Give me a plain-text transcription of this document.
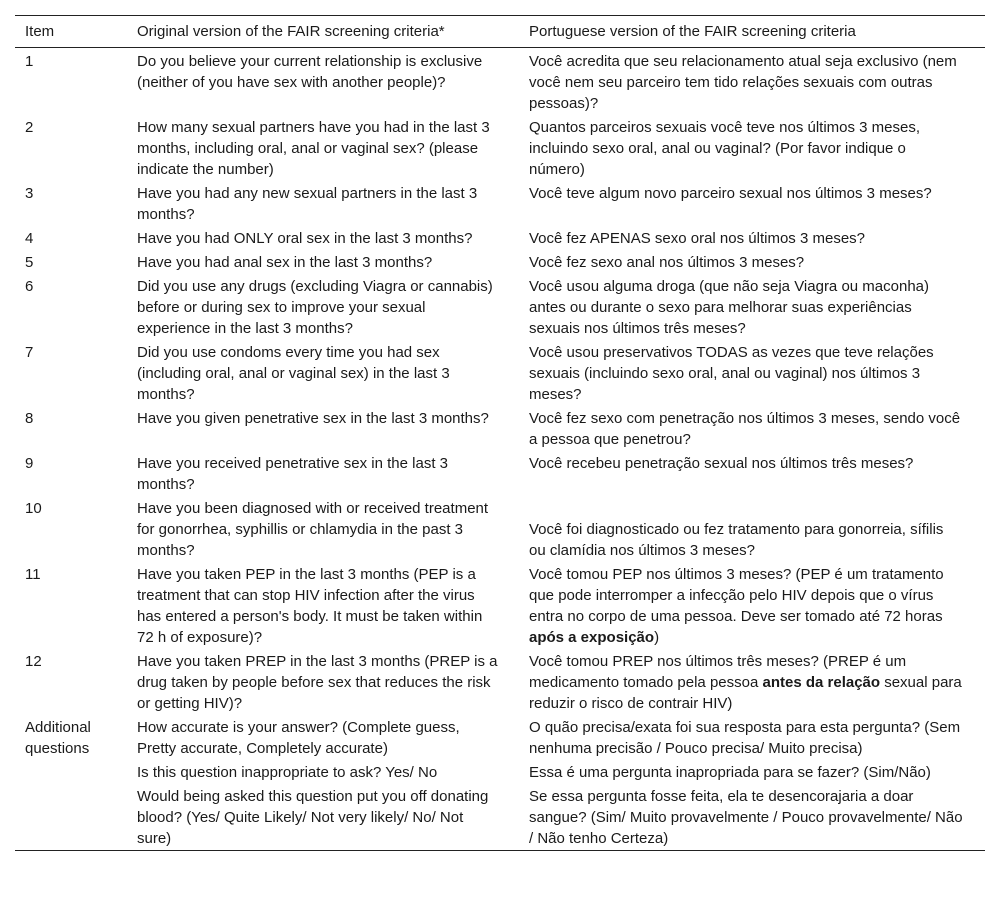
Item	Original version of the FAIR screening criteria*	Portuguese version of the FAIR screening criteria
1	Do you believe your current relationship is exclusive (neither of you have sex with another people)?	Você acredita que seu relacionamento atual seja exclusivo (nem você nem seu parceiro tem tido relações sexuais com outras pessoas)?
2	How many sexual partners have you had in the last 3 months, including oral, anal or vaginal sex? (please indicate the number)	Quantos parceiros sexuais você teve nos últimos 3 meses, incluindo sexo oral, anal ou vaginal? (Por favor indique o número)
3	Have you had any new sexual partners in the last 3 months?	Você teve algum novo parceiro sexual nos últimos 3 meses?
4	Have you had ONLY oral sex in the last 3 months?	Você fez APENAS sexo oral nos últimos 3 meses?
5	Have you had anal sex in the last 3 months?	Você fez sexo anal nos últimos 3 meses?
6	Did you use any drugs (excluding Viagra or cannabis) before or during sex to improve your sexual experience in the last 3 months?	Você usou alguma droga (que não seja Viagra ou maconha) antes ou durante o sexo para melhorar suas experiências sexuais nos últimos três meses?
7	Did you use condoms every time you had sex (including oral, anal or vaginal sex) in the last 3 months?	Você usou preservativos TODAS as vezes que teve relações sexuais (incluindo sexo oral, anal ou vaginal) nos últimos 3 meses?
8	Have you given penetrative sex in the last 3 months?	Você fez sexo com penetração nos últimos 3 meses, sendo você a pessoa que penetrou?
9	Have you received penetrative sex in the last 3 months?	Você recebeu penetração sexual nos últimos três meses?
10	Have you been diagnosed with or received treatment for gonorrhea, syphillis or chlamydia in the past 3 months?	Você foi diagnosticado ou fez tratamento para gonorreia, sífilis ou clamídia nos últimos 3 meses?
11	Have you taken PEP in the last 3 months (PEP is a treatment that can stop HIV infection after the virus has entered a person's body. It must be taken within 72 h of exposure)?	Você tomou PEP nos últimos 3 meses? (PEP é um tratamento que pode interromper a infecção pelo HIV depois que o vírus entra no corpo de uma pessoa. Deve ser tomado até 72 horas após a exposição)
12	Have you taken PREP in the last 3 months (PREP is a drug taken by people before sex that reduces the risk or getting HIV)?	Você tomou PREP nos últimos três meses? (PREP é um medicamento tomado pela pessoa antes da relação sexual para reduzir o risco de contrair HIV)
Additional questions	How accurate is your answer? (Complete guess, Pretty accurate, Completely accurate)	O quão precisa/exata foi sua resposta para esta pergunta? (Sem nenhuma precisão / Pouco precisa/ Muito precisa)
	Is this question inappropriate to ask? Yes/ No	Essa é uma pergunta inapropriada para se fazer? (Sim/Não)
	Would being asked this question put you off donating blood? (Yes/ Quite Likely/ Not very likely/ No/ Not sure)	Se essa pergunta fosse feita, ela te desencorajaria a doar sangue? (Sim/ Muito provavelmente / Pouco provavelmente/ Não / Não tenho Certeza)
